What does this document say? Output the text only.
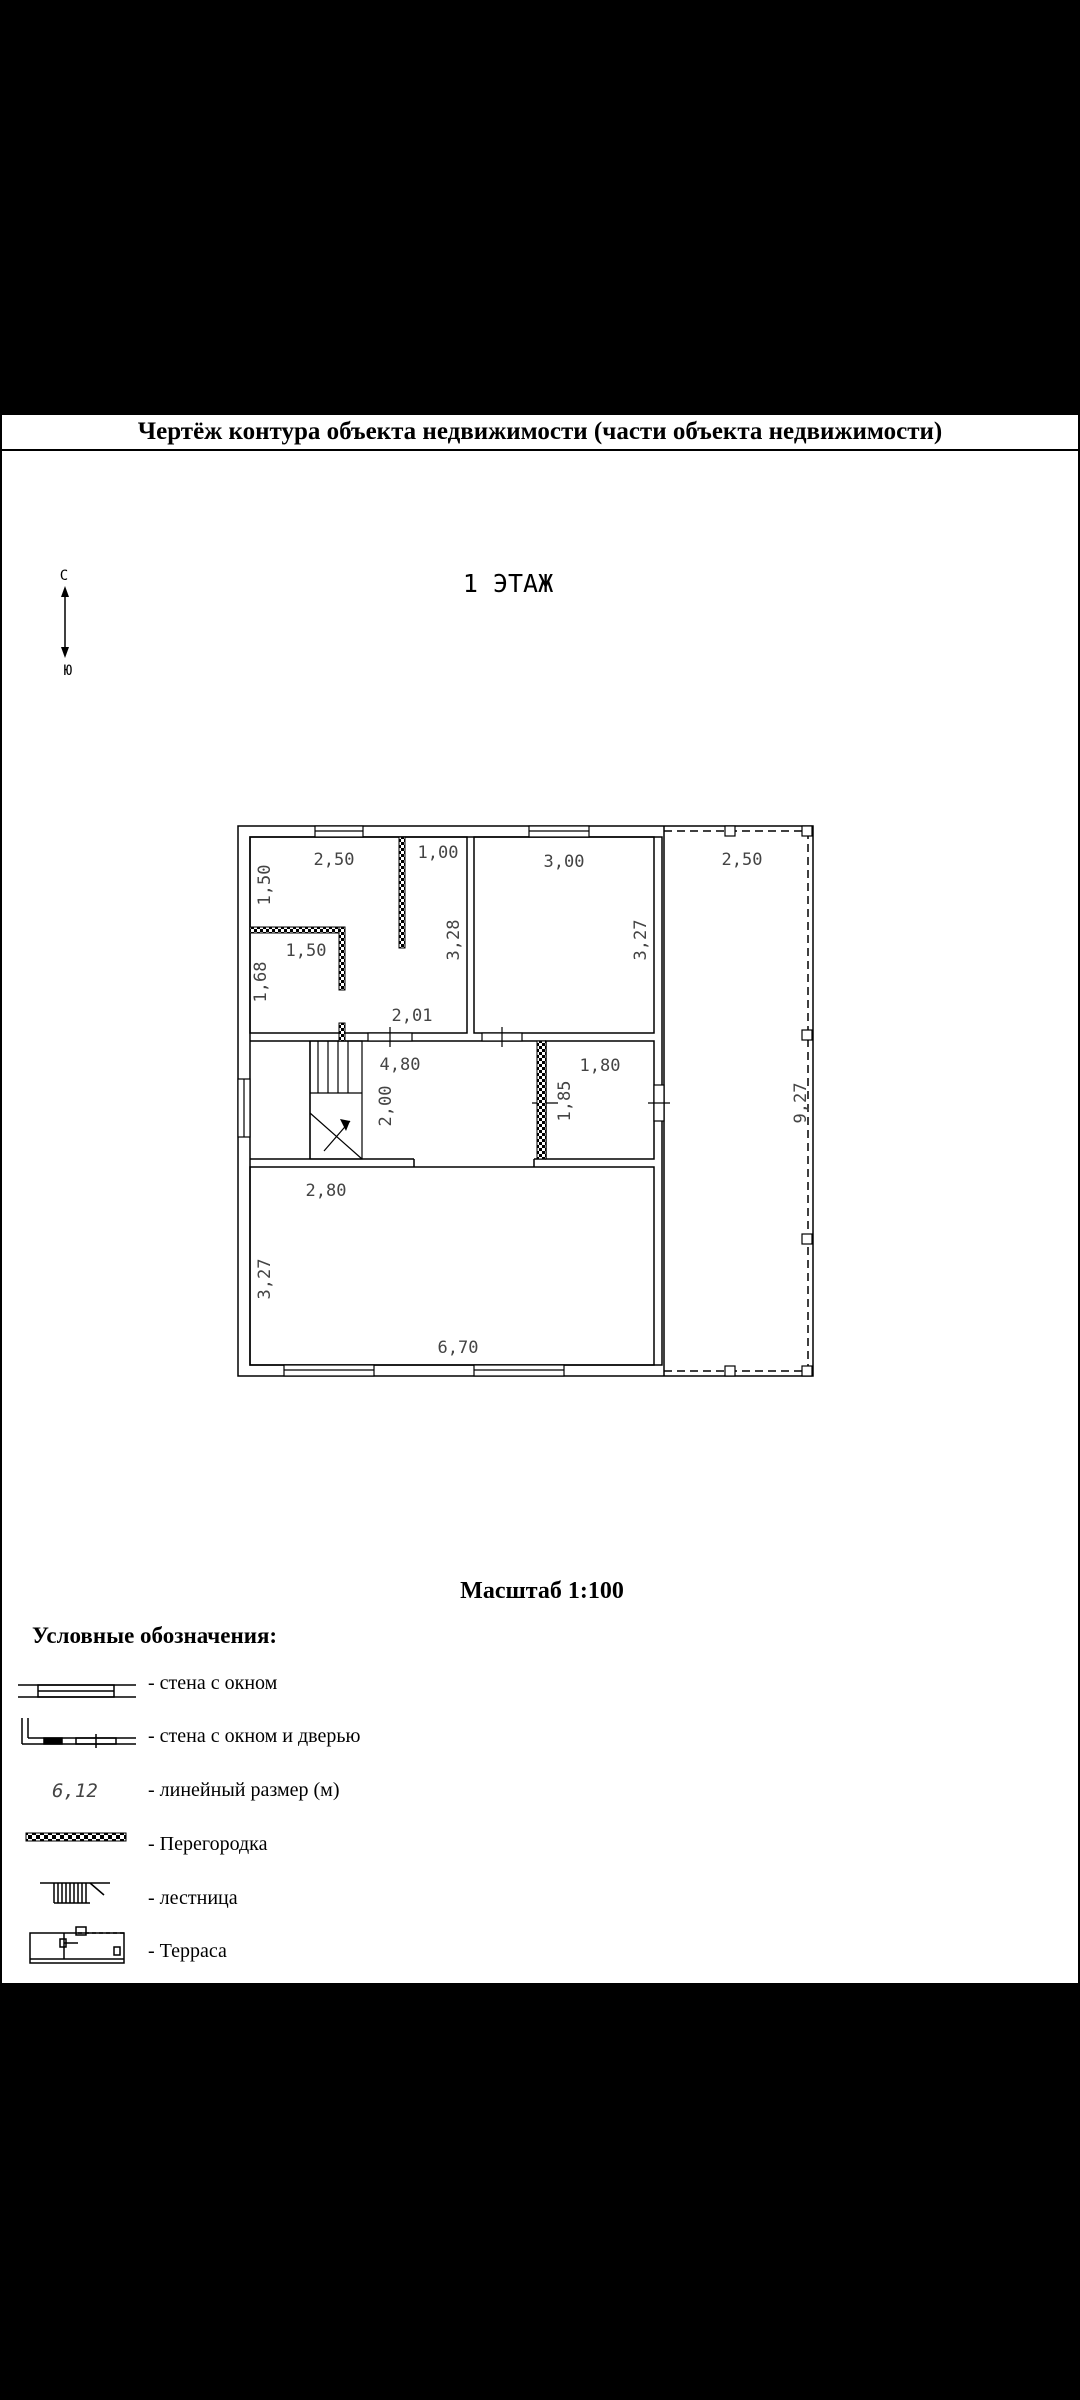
Чертёж контура объекта недвижимости (части объекта недвижимости)
С
Ю
1 ЭТАЖ
2,50	1,00	3,00	2,50
1,50
1,50
1,68
3,28	3,27
2,01
4,80
2,00
1,80
1,85	9,27
2,80
3,27
6,70
Масштаб 1:100
Условные обозначения:
- стена с окном
- стена с окном и дверью
6,12	- линейный размер (м)
- Перегородка
- лестница
- Терраса
